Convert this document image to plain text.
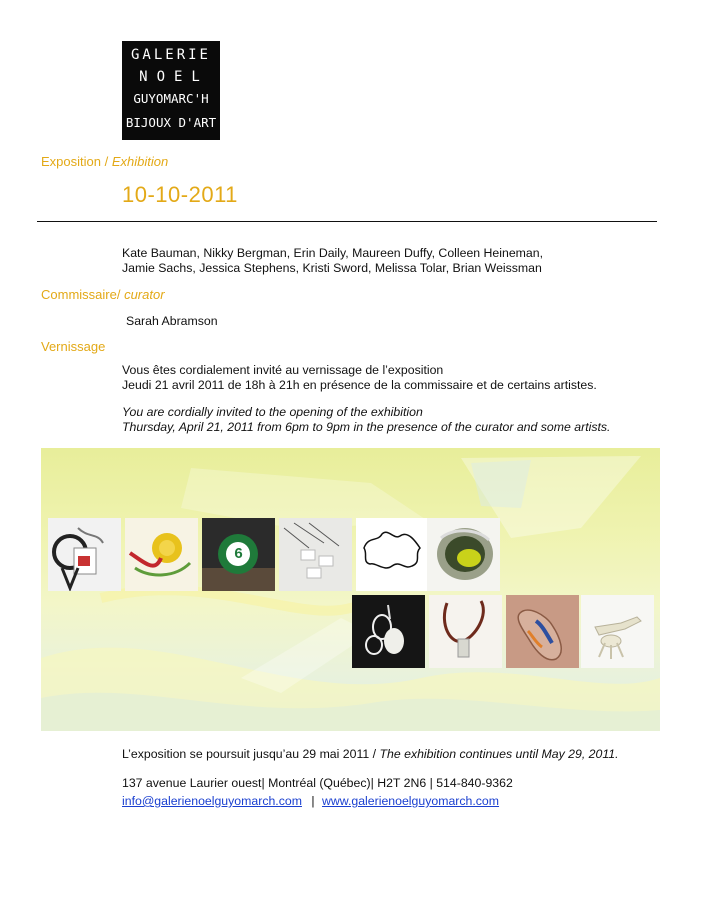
GALERIE
NOEL
GUYOMARC'H
BIJOUX D'ART
Exposition / Exhibition
10-10-2011
Kate Bauman, Nikky Bergman, Erin Daily, Maureen Duffy, Colleen Heineman,
Jamie Sachs, Jessica Stephens, Kristi Sword, Melissa Tolar, Brian Weissman
Commissaire/ curator
Sarah Abramson
Vernissage
Vous êtes cordialement invité au vernissage de l’exposition
Jeudi 21 avril 2011 de 18h à 21h en présence de la commissaire et de certains artistes.
You are cordially invited to the opening of the exhibition
Thursday, April 21, 2011 from 6pm to 9pm in the presence of the curator and some artists.
6
L’exposition se poursuit jusqu’au 29 mai 2011 / The exhibition continues until May 29, 2011.
137 avenue Laurier ouest| Montréal (Québec)| H2T 2N6 | 514-840-9362
info@galerienoelguyomarch.com | www.galerienoelguyomarch.com
